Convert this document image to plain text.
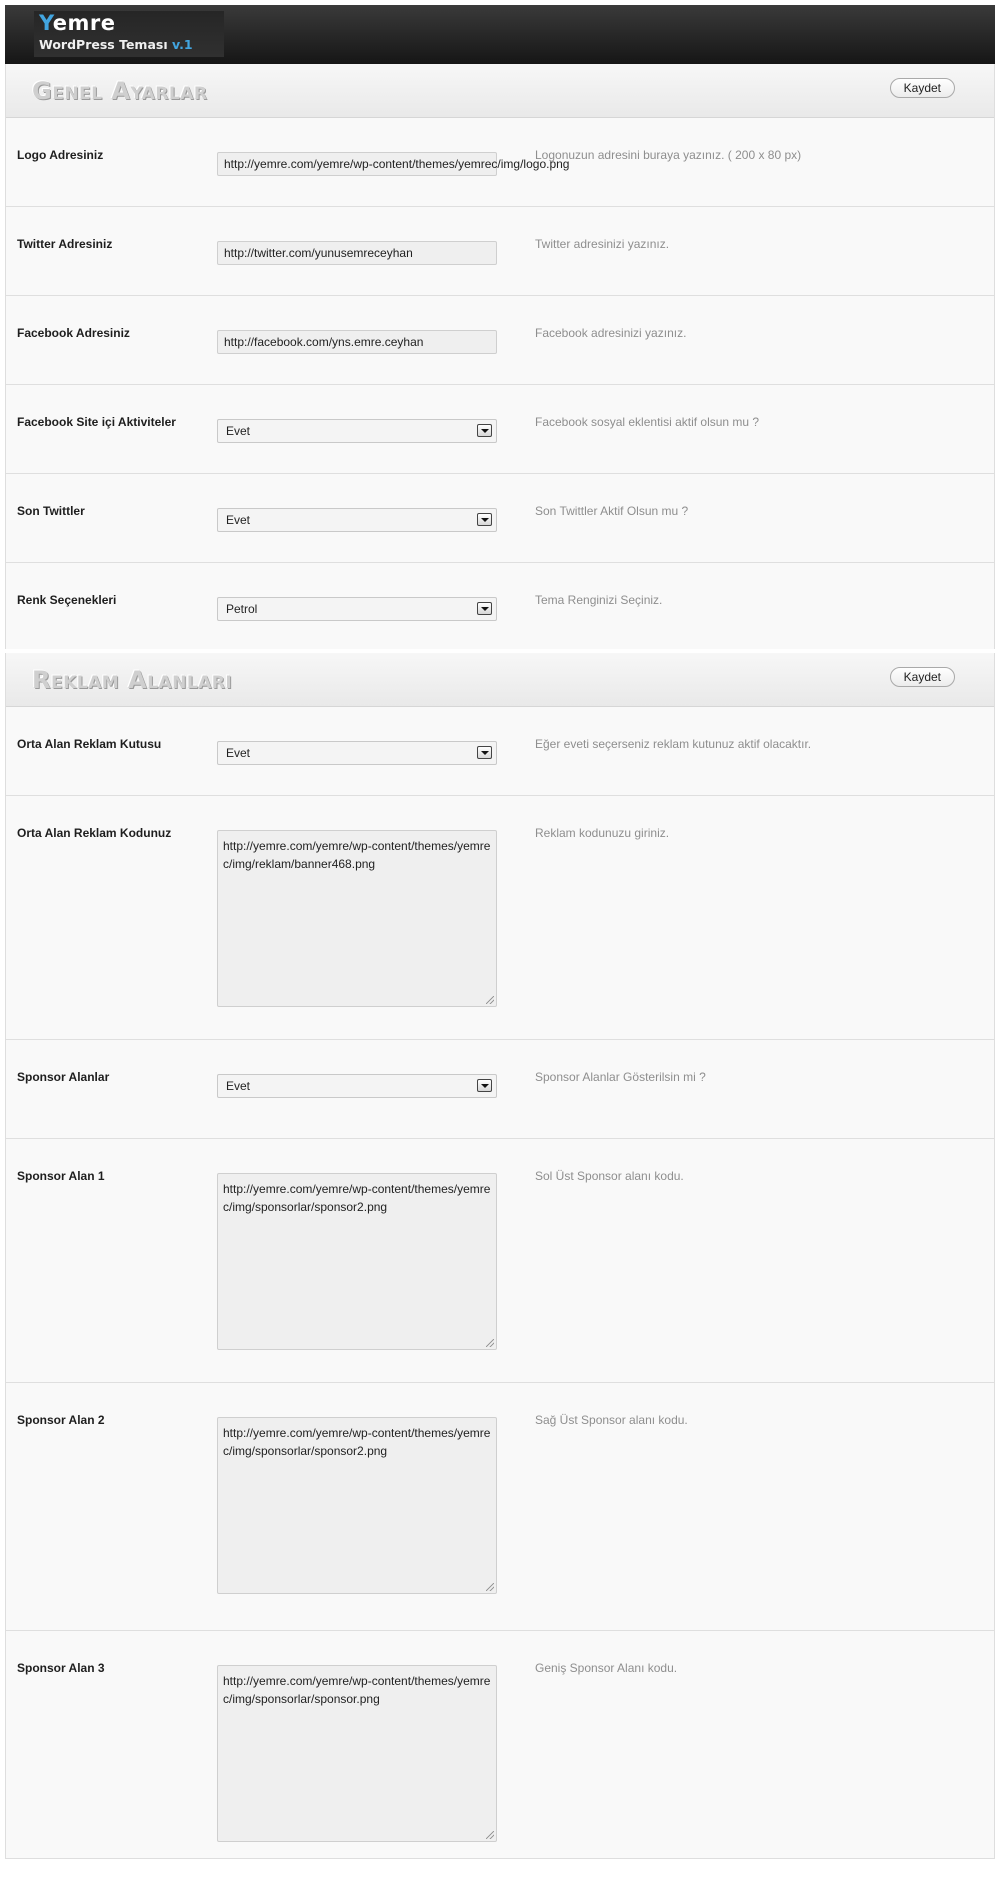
Yemre
WordPress Teması v.1
Genel Ayarlar	Kaydet
Logo Adresiniz
http://yemre.com/yemre/wp-content/themes/yemrec/img/logo.png
Logonuzun adresini buraya yazınız. ( 200 x 80 px)
Twitter Adresiniz
http://twitter.com/yunusemreceyhan
Twitter adresinizi yazınız.
Facebook Adresiniz
http://facebook.com/yns.emre.ceyhan
Facebook adresinizi yazınız.
Facebook Site içi Aktiviteler
Evet
Facebook sosyal eklentisi aktif olsun mu ?
Son Twittler
Evet
Son Twittler Aktif Olsun mu ?
Renk Seçenekleri
Petrol
Tema Renginizi Seçiniz.
Reklam Alanları	Kaydet
Orta Alan Reklam Kutusu
Evet
Eğer eveti seçerseniz reklam kutunuz aktif olacaktır.
Orta Alan Reklam Kodunuz
http://yemre.com/yemre/wp-content/themes/yemrec/img/reklam/banner468.png
Reklam kodunuzu giriniz.
Sponsor Alanlar
Evet
Sponsor Alanlar Gösterilsin mi ?
Sponsor Alan 1
http://yemre.com/yemre/wp-content/themes/yemrec/img/sponsorlar/sponsor2.png
Sol Üst Sponsor alanı kodu.
Sponsor Alan 2
http://yemre.com/yemre/wp-content/themes/yemrec/img/sponsorlar/sponsor2.png
Sağ Üst Sponsor alanı kodu.
Sponsor Alan 3
http://yemre.com/yemre/wp-content/themes/yemrec/img/sponsorlar/sponsor.png
Geniş Sponsor Alanı kodu.
